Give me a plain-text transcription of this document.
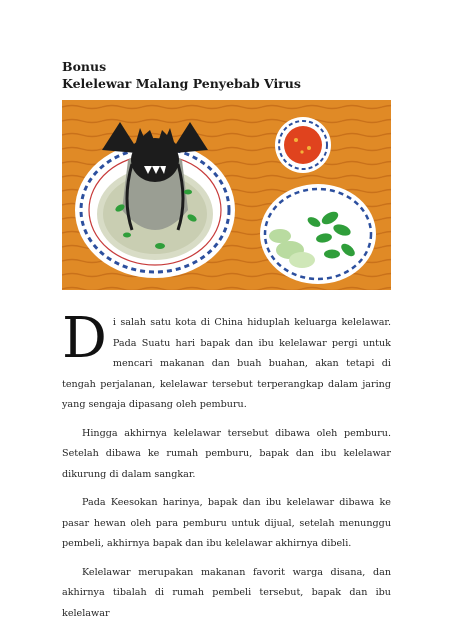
Bonus
Kelelewar Malang Penyebab Virus

Di salah satu kota di China hiduplah keluarga kelelawar. Pada Suatu hari bapak dan ibu kelelawar pergi untuk mencari makanan dan buah buahan, akan tetapi di tengah perjalanan, kelelawar tersebut terperangkap dalam jaring yang sengaja dipasang oleh pemburu.

Hingga akhirnya kelelawar tersebut dibawa oleh pemburu. Setelah dibawa ke rumah pemburu, bapak dan ibu kelelawar dikurung di dalam sangkar.

Pada Keesokan harinya, bapak dan ibu kelelawar dibawa ke pasar hewan oleh para pemburu untuk dijual, setelah menunggu pembeli, akhirnya bapak dan ibu kelelawar akhirnya dibeli.

Kelelawar merupakan makanan favorit warga disana, dan akhirnya tibalah di rumah pembeli tersebut, bapak dan ibu kelelawar
